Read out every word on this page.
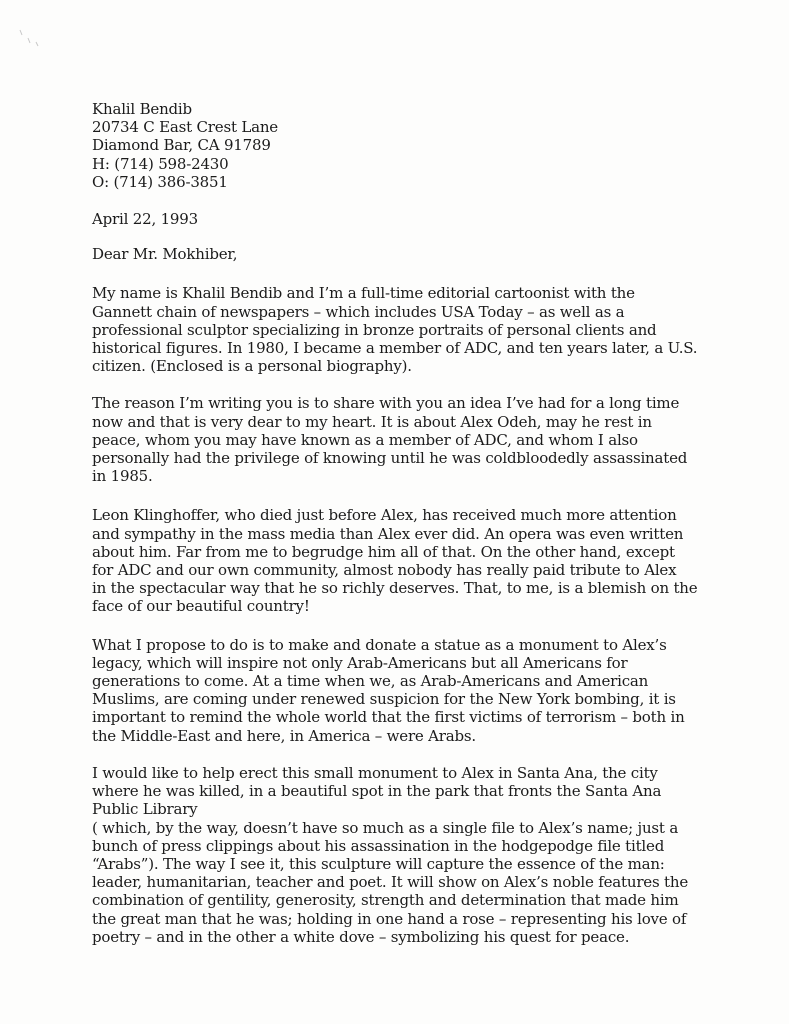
Khalil Bendib
20734 C East Crest Lane
Diamond Bar, CA 91789
H: (714) 598-2430
O: (714) 386-3851
April 22, 1993
Dear Mr. Mokhiber,
My name is Khalil Bendib and I’m a full-time editorial cartoonist with the
Gannett chain of newspapers – which includes USA Today – as well as a
professional sculptor specializing in bronze portraits of personal clients and
historical figures. In 1980, I became a member of ADC, and ten years later, a U.S.
citizen. (Enclosed is a personal biography).
The reason I’m writing you is to share with you an idea I’ve had for a long time
now and that is very dear to my heart. It is about Alex Odeh, may he rest in
peace, whom you may have known as a member of ADC, and whom I also
personally had the privilege of knowing until he was coldbloodedly assassinated
in 1985.
Leon Klinghoffer, who died just before Alex, has received much more attention
and sympathy in the mass media than Alex ever did. An opera was even written
about him. Far from me to begrudge him all of that. On the other hand, except
for ADC and our own community, almost nobody has really paid tribute to Alex
in the spectacular way that he so richly deserves. That, to me, is a blemish on the
face of our beautiful country!
What I propose to do is to make and donate a statue as a monument to Alex’s
legacy, which will inspire not only Arab-Americans but all Americans for
generations to come. At a time when we, as Arab-Americans and American
Muslims, are coming under renewed suspicion for the New York bombing, it is
important to remind the whole world that the first victims of terrorism – both in
the Middle-East and here, in America – were Arabs.
I would like to help erect this small monument to Alex in Santa Ana, the city
where he was killed, in a beautiful spot in the park that fronts the Santa Ana
Public Library
( which, by the way, doesn’t have so much as a single file to Alex’s name; just a
bunch of press clippings about his assassination in the hodgepodge file titled
“Arabs”). The way I see it, this sculpture will capture the essence of the man:
leader, humanitarian, teacher and poet. It will show on Alex’s noble features the
combination of gentility, generosity, strength and determination that made him
the great man that he was; holding in one hand a rose – representing his love of
poetry – and in the other a white dove – symbolizing his quest for peace.
